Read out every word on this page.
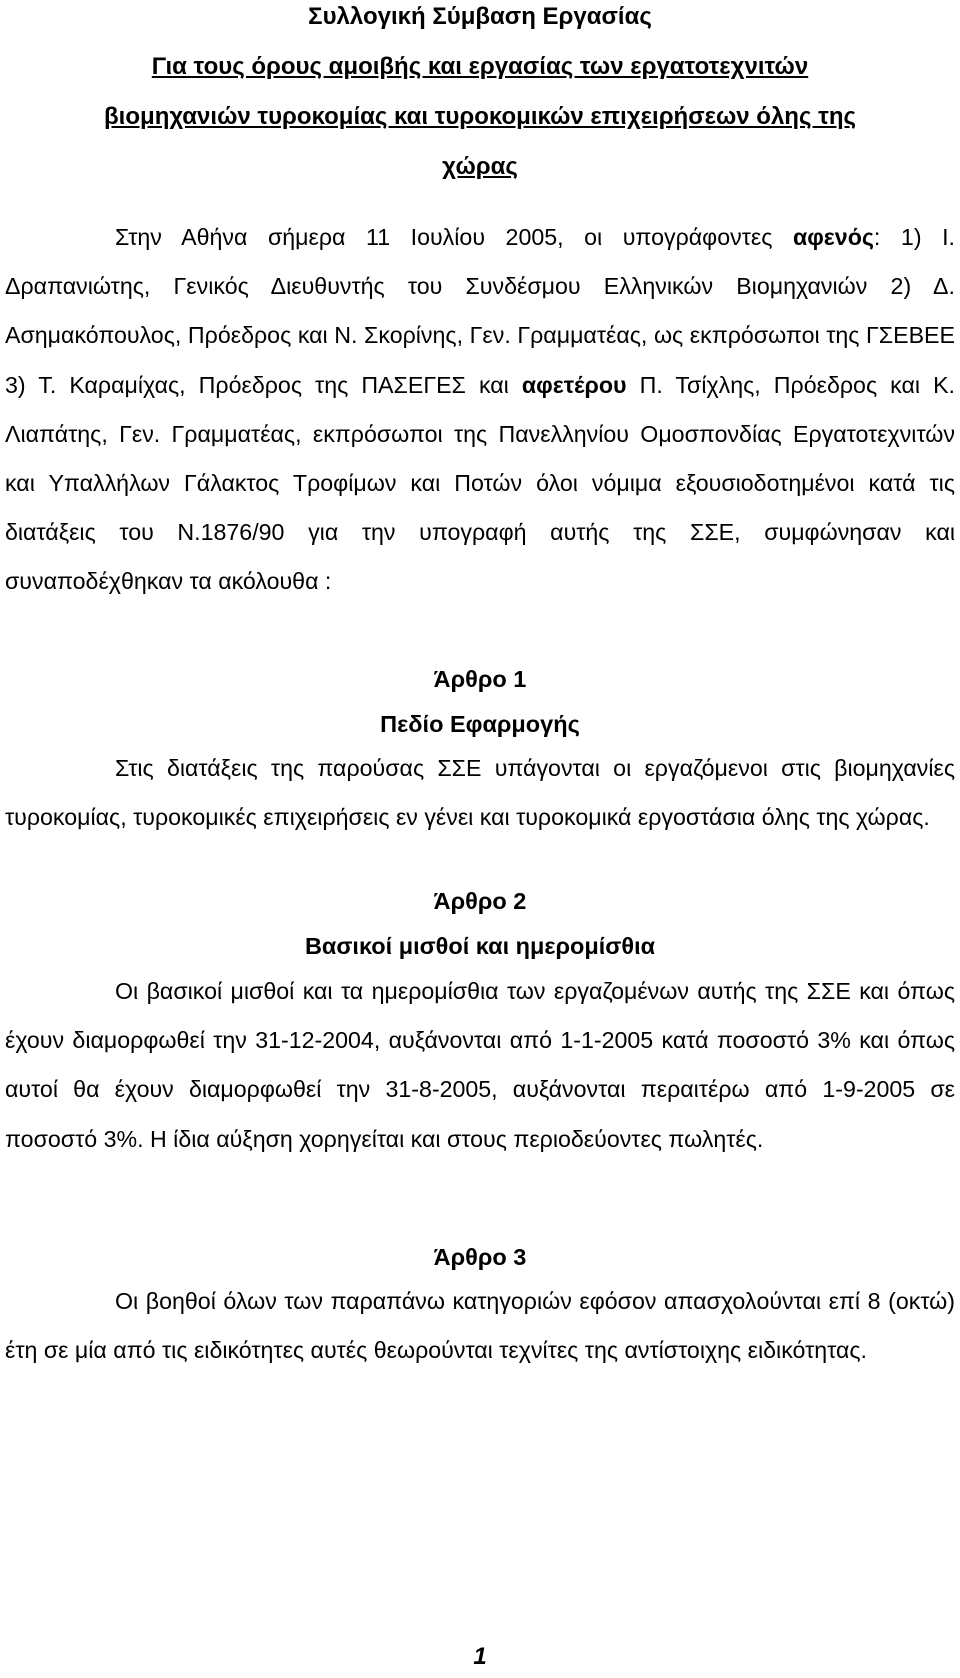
Συλλογική Σύμβαση Εργασίας

Για τους όρους αμοιβής και εργασίας των εργατοτεχνιτών

βιομηχανιών τυροκομίας και τυροκομικών επιχειρήσεων όλης της

χώρας

Στην Αθήνα σήμερα 11 Ιουλίου 2005, οι υπογράφοντες αφενός: 1) Ι. Δραπανιώτης, Γενικός Διευθυντής του Συνδέσμου Ελληνικών Βιομηχανιών 2) Δ. Ασημακόπουλος, Πρόεδρος και Ν. Σκορίνης, Γεν. Γραμματέας, ως εκπρόσωποι της ΓΣΕΒΕΕ 3) Τ. Καραμίχας, Πρόεδρος της ΠΑΣΕΓΕΣ και αφετέρου Π. Τσίχλης, Πρόεδρος και Κ. Λιαπάτης, Γεν. Γραμματέας, εκπρόσωποι της Πανελληνίου Ομοσπονδίας Εργατοτεχνιτών και Υπαλλήλων Γάλακτος Τροφίμων και Ποτών όλοι νόμιμα εξουσιοδοτημένοι κατά τις διατάξεις του Ν.1876/90 για την υπογραφή αυτής της ΣΣΕ, συμφώνησαν και συναποδέχθηκαν τα ακόλουθα :

Άρθρο 1

Πεδίο Εφαρμογής

Στις διατάξεις της παρούσας ΣΣΕ υπάγονται οι εργαζόμενοι στις βιομηχανίες τυροκομίας, τυροκομικές επιχειρήσεις εν γένει και τυροκομικά εργοστάσια όλης της χώρας.

Άρθρο 2

Βασικοί μισθοί και ημερομίσθια

Οι βασικοί μισθοί και τα ημερομίσθια των εργαζομένων αυτής της ΣΣΕ και όπως έχουν διαμορφωθεί την 31-12-2004, αυξάνονται από 1-1-2005 κατά ποσοστό 3% και όπως αυτοί θα έχουν διαμορφωθεί την 31-8-2005, αυξάνονται περαιτέρω από 1-9-2005 σε ποσοστό 3%. Η ίδια αύξηση χορηγείται και στους περιοδεύοντες πωλητές.

Άρθρο 3

Οι βοηθοί όλων των παραπάνω κατηγοριών εφόσον απασχολoύνται επί 8 (οκτώ) έτη σε μία από τις ειδικότητες αυτές θεωρούνται τεχνίτες της αντίστοιχης ειδικότητας.

1
